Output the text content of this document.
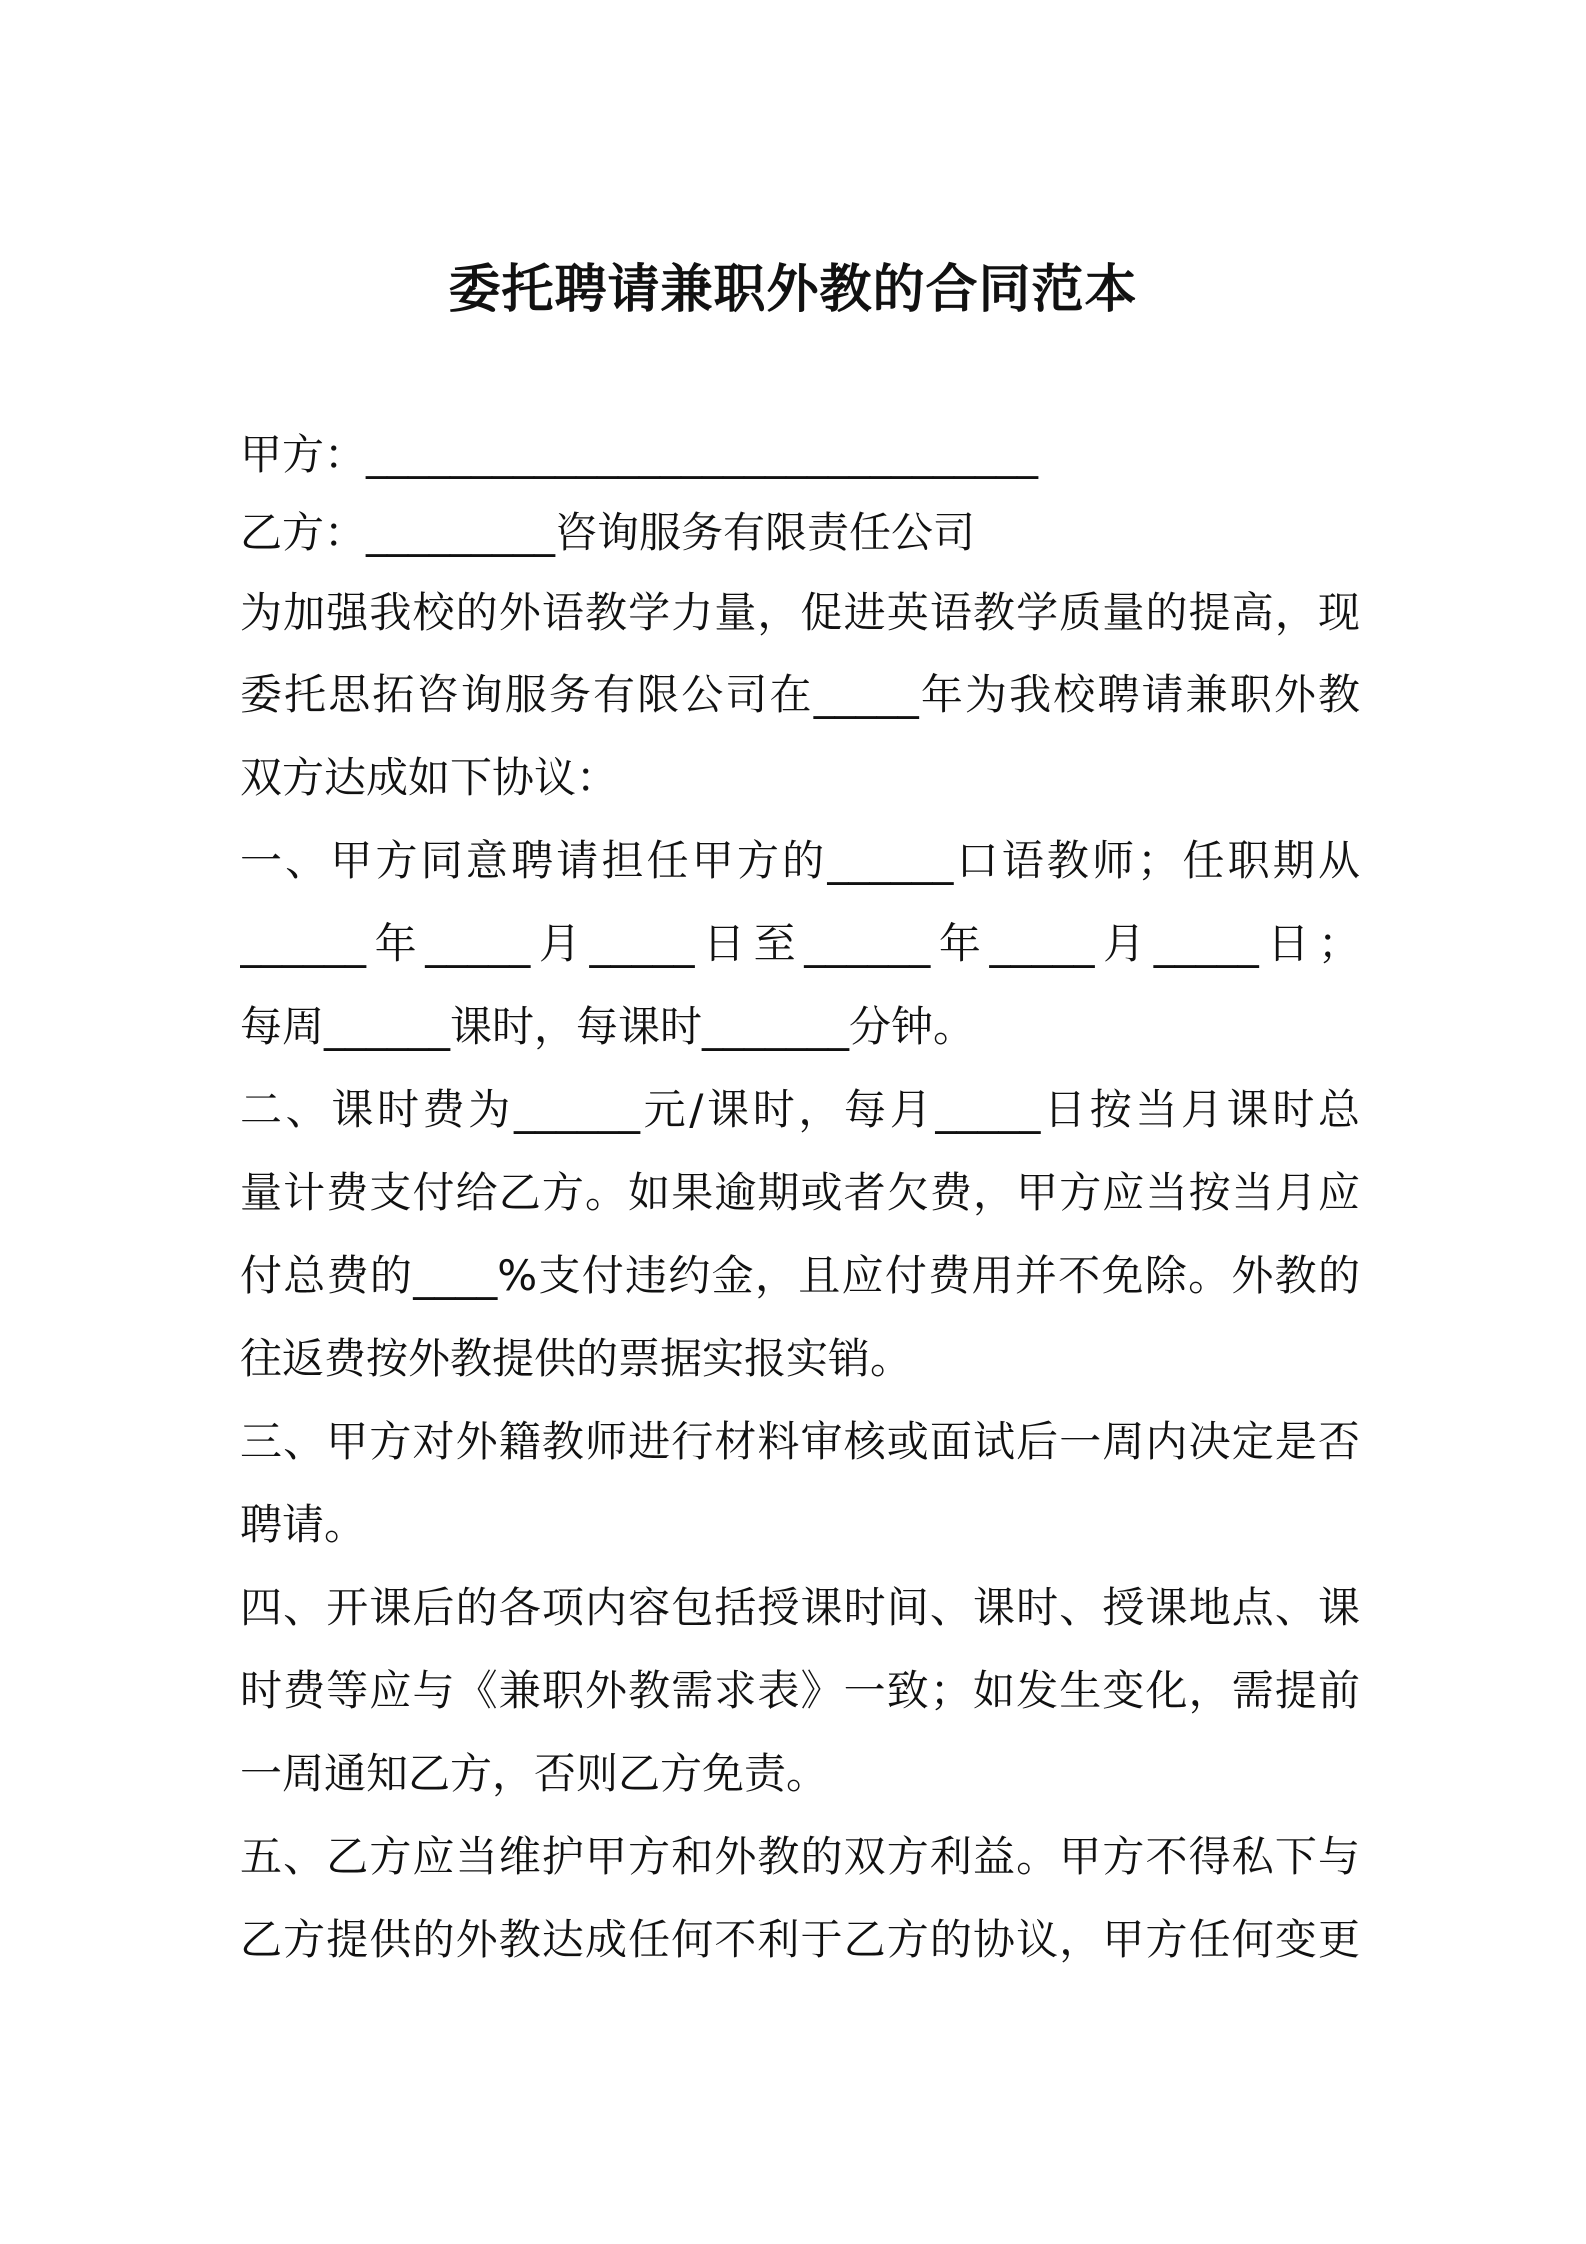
委托聘请兼职外教的合同范本
甲方：________________________________
乙方：_________咨询服务有限责任公司
为加强我校的外语教学力量，促进英语教学质量的提高，现
委托思拓咨询服务有限公司在_____年为我校聘请兼职外教
双方达成如下协议：
一、甲方同意聘请担任甲方的______口语教师；任职期从
______年_____月_____日至______年_____月_____日；
每周______课时，每课时_______分钟。
二、课时费为______元/课时，每月_____日按当月课时总
量计费支付给乙方。如果逾期或者欠费，甲方应当按当月应
付总费的____%支付违约金，且应付费用并不免除。外教的
往返费按外教提供的票据实报实销。
三、甲方对外籍教师进行材料审核或面试后一周内决定是否
聘请。
四、开课后的各项内容包括授课时间、课时、授课地点、课
时费等应与《兼职外教需求表》一致；如发生变化，需提前
一周通知乙方，否则乙方免责。
五、乙方应当维护甲方和外教的双方利益。甲方不得私下与
乙方提供的外教达成任何不利于乙方的协议，甲方任何变更
